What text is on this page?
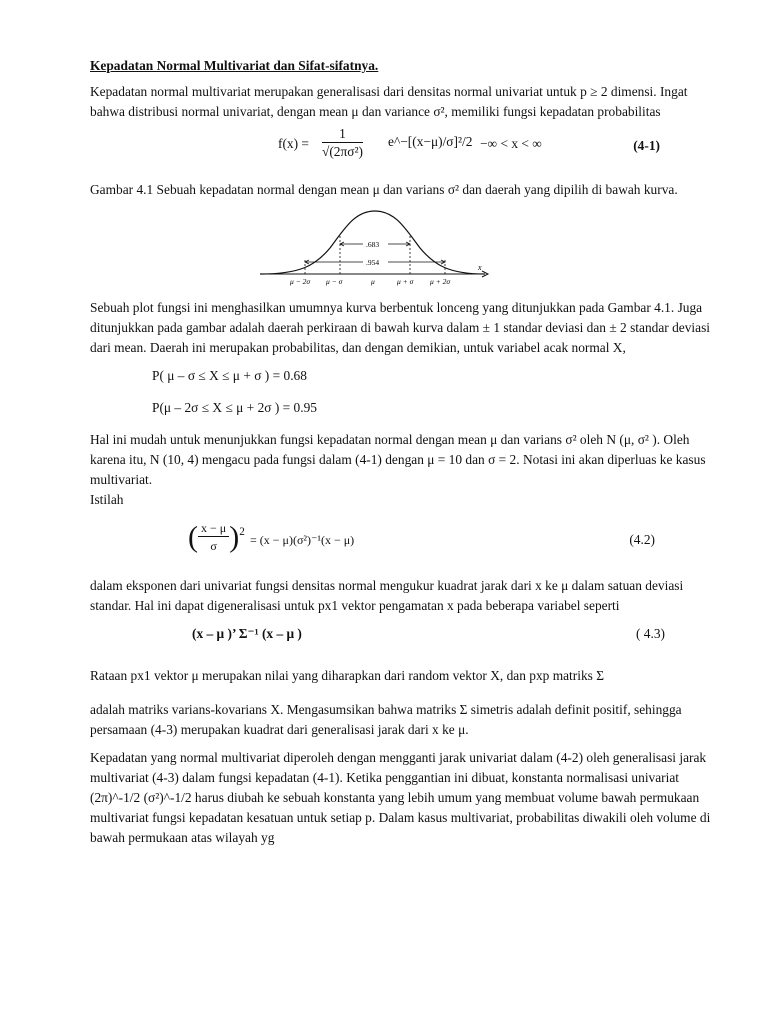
Kepadatan Normal Multivariat dan Sifat-sifatnya.

Kepadatan normal multivariat merupakan generalisasi dari densitas normal univariat untuk p ≥ 2 dimensi. Ingat bahwa distribusi normal univariat, dengan mean μ dan variance σ², memiliki fungsi kepadatan probabilitas

$f(x) = \frac{1}{\text{√(2πσ²)}}$ e^−[(x−μ)/σ]²/2 −∞ < x < ∞	(4-1)

Gambar 4.1 Sebuah kepadatan normal dengan mean μ dan varians σ² dan daerah yang dipilih di bawah kurva.

x
.683
.954
μ − 2σ μ − σ	μ	μ + σ μ + 2σ

Sebuah plot fungsi ini menghasilkan umumnya kurva berbentuk lonceng yang ditunjukkan pada Gambar 4.1. Juga ditunjukkan pada gambar adalah daerah perkiraan di bawah kurva dalam ± 1 standar deviasi dan ± 2 standar deviasi dari mean. Daerah ini merupakan probabilitas, dan dengan demikian, untuk variabel acak normal X,

P( μ – σ ≤ X ≤ μ + σ ) = 0.68
P(μ – 2σ ≤ X ≤ μ + 2σ ) = 0.95

Hal ini mudah untuk menunjukkan fungsi kepadatan normal dengan mean μ dan varians σ² oleh N (μ, σ² ). Oleh karena itu, N (10, 4) mengacu pada fungsi dalam (4-1) dengan μ = 10 dan σ = 2. Notasi ini akan diperluas ke kasus multivariat.

Istilah

( $\frac{x - \mu}{\sigma} )^2$
= (x − μ)(σ²)⁻¹(x − μ)	(4.2)

dalam eksponen dari univariat fungsi densitas normal mengukur kuadrat jarak dari x ke μ dalam satuan deviasi standar. Hal ini dapat digeneralisasi untuk px1 vektor pengamatan x pada beberapa variabel seperti

(x – μ )’ Σ⁻¹ (x – μ )	( 4.3)

Rataan px1 vektor μ merupakan nilai yang diharapkan dari random vektor X, dan pxp matriks Σ

adalah matriks varians-kovarians X. Mengasumsikan bahwa matriks Σ simetris adalah definit positif, sehingga persamaan (4-3) merupakan kuadrat dari generalisasi jarak dari x ke μ.

Kepadatan yang normal multivariat diperoleh dengan mengganti jarak univariat dalam (4-2) oleh generalisasi jarak multivariat (4-3) dalam fungsi kepadatan (4-1). Ketika penggantian ini dibuat, konstanta normalisasi univariat (2π)^-1/2 (σ²)^-1/2 harus diubah ke sebuah konstanta yang lebih umum yang membuat volume bawah permukaan multivariat fungsi kepadatan kesatuan untuk setiap p. Dalam kasus multivariat, probabilitas diwakili oleh volume di bawah permukaan atas wilayah yg
